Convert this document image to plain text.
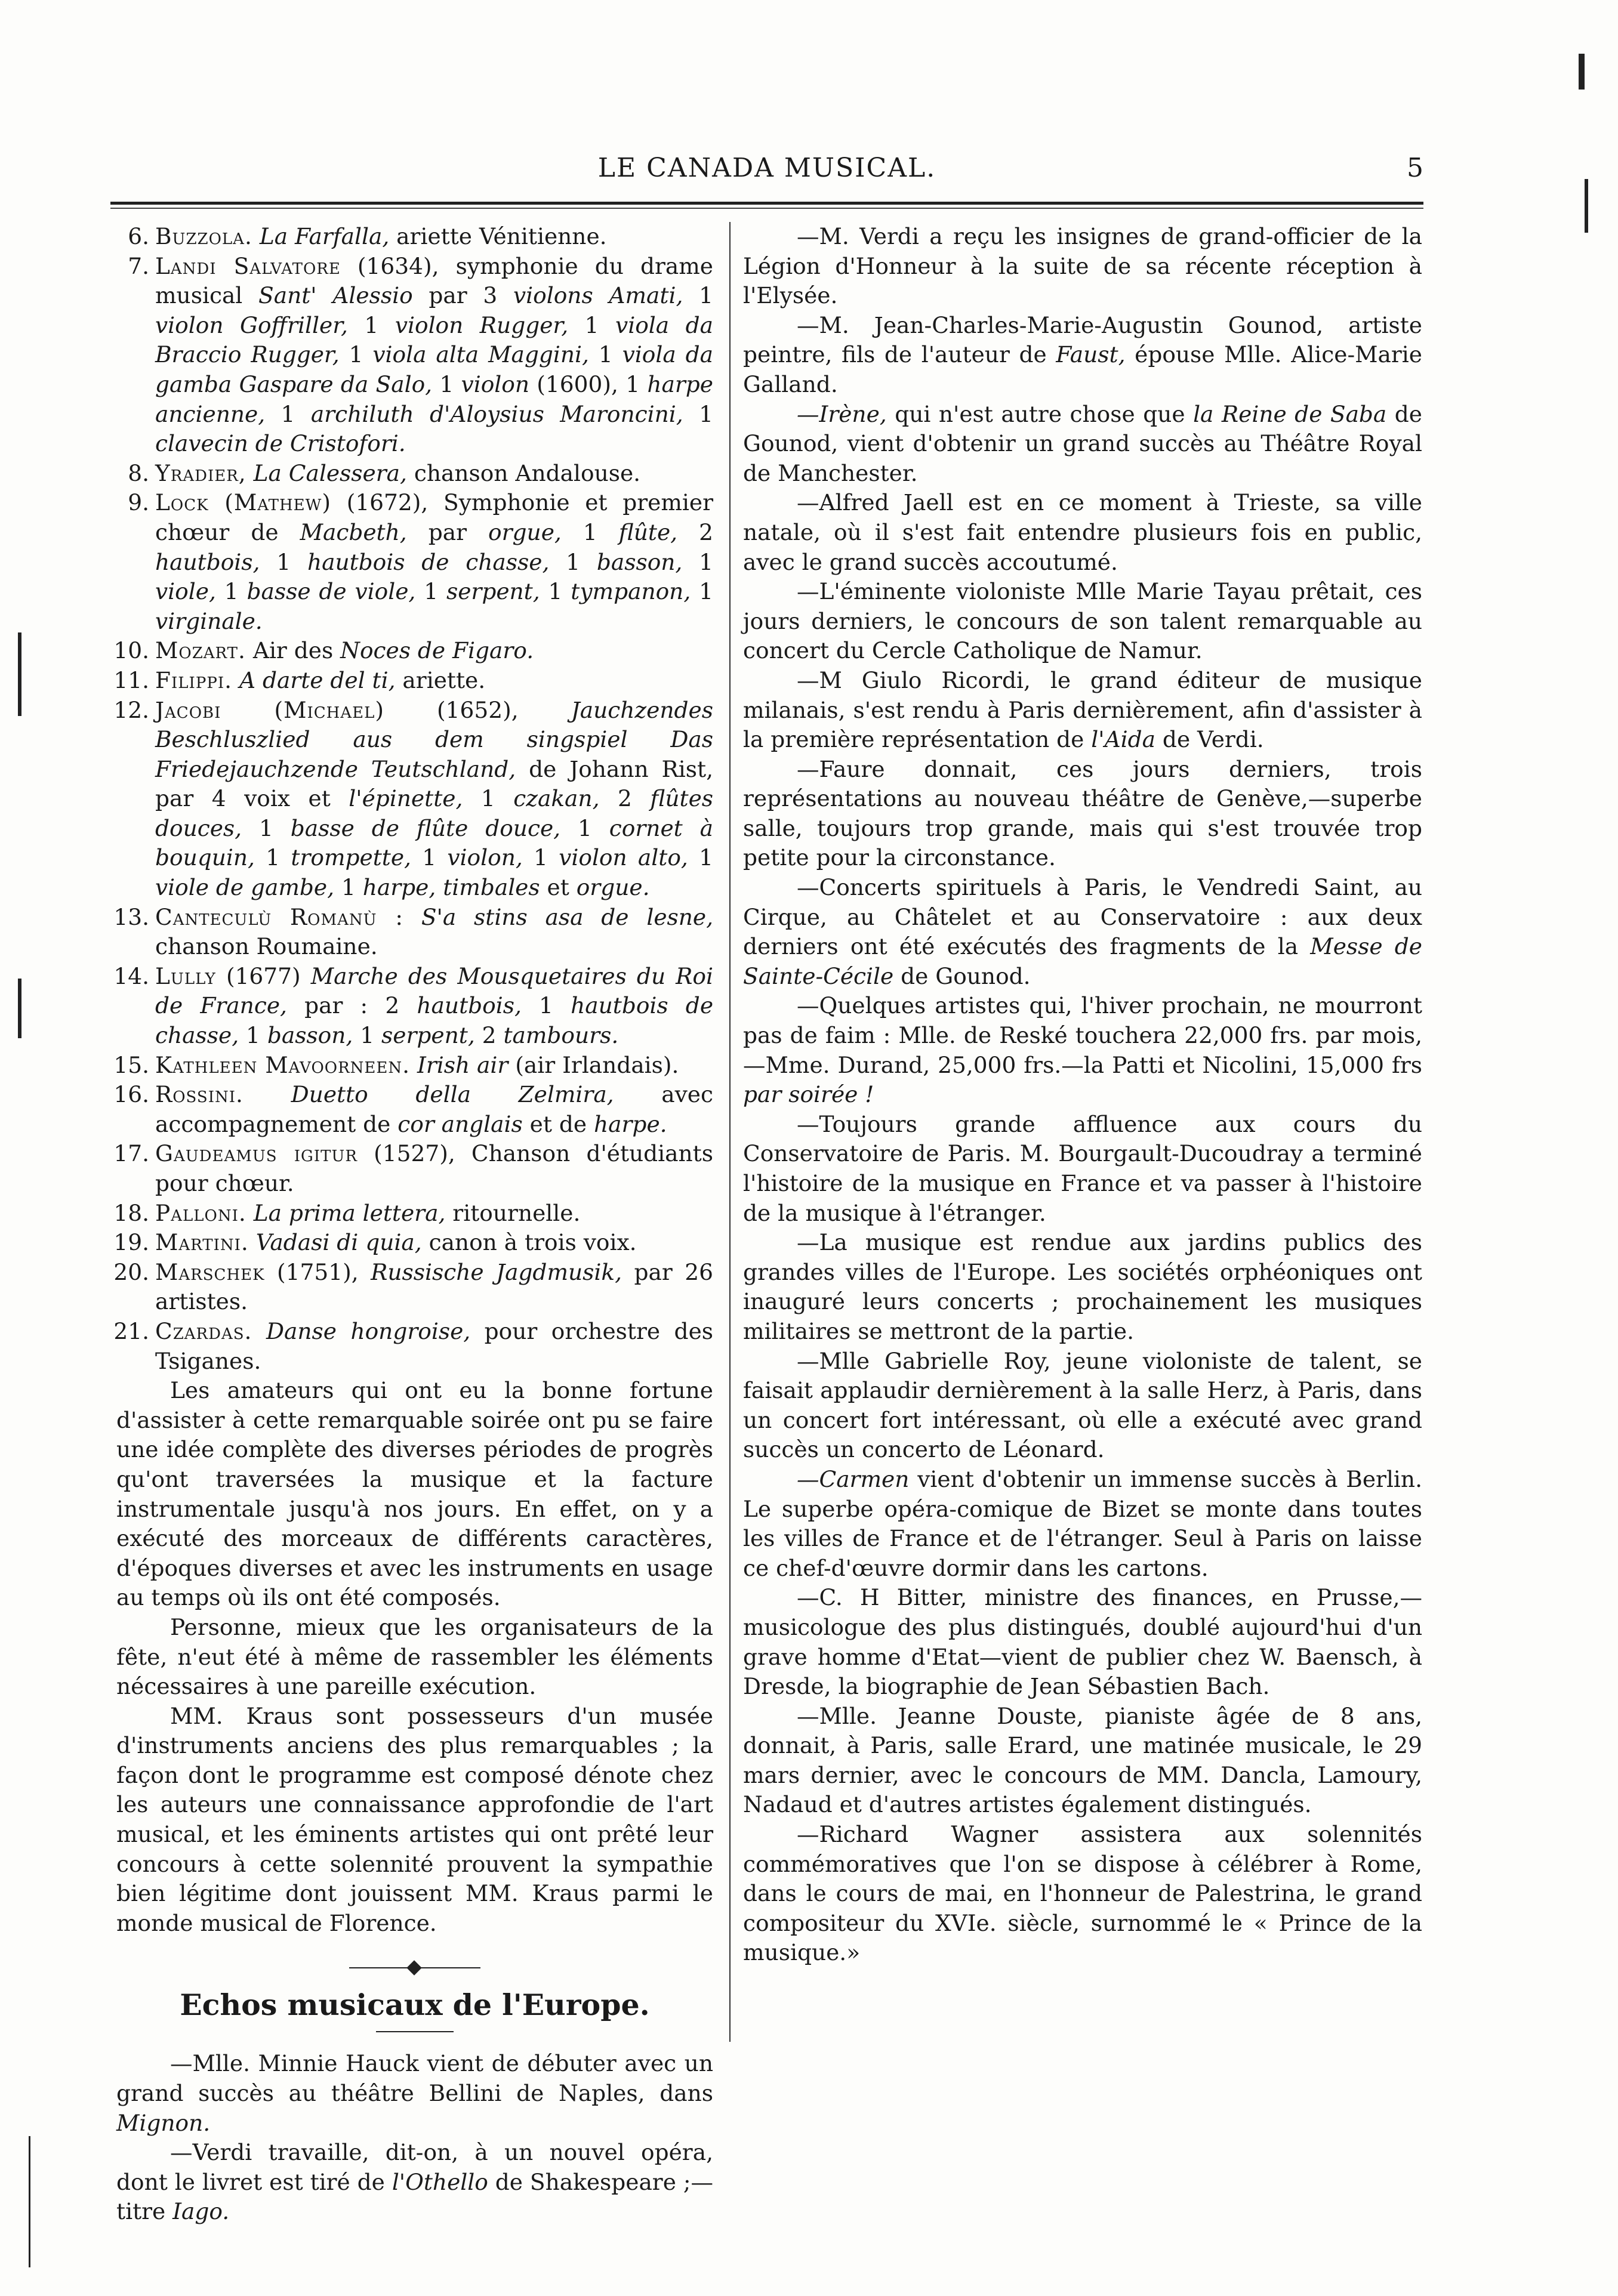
LE CANADA MUSICAL.	5
6. Buzzola. La Farfalla, ariette Vénitienne.
7. Landi Salvatore (1634), symphonie du drame musical Sant' Alessio par 3 violons Amati, 1 violon Goffriller, 1 violon Rugger, 1 viola da Braccio Rugger, 1 viola alta Maggini, 1 viola da gamba Gaspare da Salo, 1 violon (1600), 1 harpe ancienne, 1 archiluth d'Aloysius Maroncini, 1 clavecin de Cristofori.
8. Yradier, La Calessera, chanson Andalouse.
9. Lock (Mathew) (1672), Symphonie et premier chœur de Macbeth, par orgue, 1 flûte, 2 hautbois, 1 hautbois de chasse, 1 basson, 1 viole, 1 basse de viole, 1 serpent, 1 tympanon, 1 virginale.
10. Mozart. Air des Noces de Figaro.
11. Filippi. A darte del ti, ariette.
12. Jacobi (Michael) (1652), Jauchzendes Beschluszlied aus dem singspiel Das Friedejauchzende Teutschland, de Johann Rist, par 4 voix et l'épinette, 1 czakan, 2 flûtes douces, 1 basse de flûte douce, 1 cornet à bouquin, 1 trompette, 1 violon, 1 violon alto, 1 viole de gambe, 1 harpe, timbales et orgue.
13. Canteculù Romanù : S'a stins asa de lesne, chanson Roumaine.
14. Lully (1677) Marche des Mousquetaires du Roi de France, par : 2 hautbois, 1 hautbois de chasse, 1 basson, 1 serpent, 2 tambours.
15. Kathleen Mavoorneen. Irish air (air Irlandais).
16. Rossini. Duetto della Zelmira, avec accompagnement de cor anglais et de harpe.
17. Gaudeamus igitur (1527), Chanson d'étudiants pour chœur.
18. Palloni. La prima lettera, ritournelle.
19. Martini. Vadasi di quia, canon à trois voix.
20. Marschek (1751), Russische Jagdmusik, par 26 artistes.
21. Czardas. Danse hongroise, pour orchestre des Tsiganes.

Les amateurs qui ont eu la bonne fortune d'assister à cette remarquable soirée ont pu se faire une idée complète des diverses périodes de progrès qu'ont traversées la musique et la facture instrumentale jusqu'à nos jours. En effet, on y a exécuté des morceaux de différents caractères, d'époques diverses et avec les instruments en usage au temps où ils ont été composés.

Personne, mieux que les organisateurs de la fête, n'eut été à même de rassembler les éléments nécessaires à une pareille exécution.

MM. Kraus sont possesseurs d'un musée d'instruments anciens des plus remarquables ; la façon dont le programme est composé dénote chez les auteurs une connaissance approfondie de l'art musical, et les éminents artistes qui ont prêté leur concours à cette solennité prouvent la sympathie bien légitime dont jouissent MM. Kraus parmi le monde musical de Florence.

Echos musicaux de l'Europe.

—Mlle. Minnie Hauck vient de débuter avec un grand succès au théâtre Bellini de Naples, dans Mignon.

—Verdi travaille, dit-on, à un nouvel opéra, dont le livret est tiré de l'Othello de Shakespeare ;—titre Iago.

—M. Verdi a reçu les insignes de grand-officier de la Légion d'Honneur à la suite de sa récente réception à l'Elysée.

—M. Jean-Charles-Marie-Augustin Gounod, artiste peintre, fils de l'auteur de Faust, épouse Mlle. Alice-Marie Galland.

—Irène, qui n'est autre chose que la Reine de Saba de Gounod, vient d'obtenir un grand succès au Théâtre Royal de Manchester.

—Alfred Jaell est en ce moment à Trieste, sa ville natale, où il s'est fait entendre plusieurs fois en public, avec le grand succès accoutumé.

—L'éminente violoniste Mlle Marie Tayau prêtait, ces jours derniers, le concours de son talent remarquable au concert du Cercle Catholique de Namur.

—M Giulo Ricordi, le grand éditeur de musique milanais, s'est rendu à Paris dernièrement, afin d'assister à la première représentation de l'Aida de Verdi.

—Faure donnait, ces jours derniers, trois représentations au nouveau théâtre de Genève,—superbe salle, toujours trop grande, mais qui s'est trouvée trop petite pour la circonstance.

—Concerts spirituels à Paris, le Vendredi Saint, au Cirque, au Châtelet et au Conservatoire : aux deux derniers ont été exécutés des fragments de la Messe de Sainte-Cécile de Gounod.

—Quelques artistes qui, l'hiver prochain, ne mourront pas de faim : Mlle. de Reské touchera 22,000 frs. par mois,—Mme. Durand, 25,000 frs.—la Patti et Nicolini, 15,000 frs par soirée !

—Toujours grande affluence aux cours du Conservatoire de Paris. M. Bourgault-Ducoudray a terminé l'histoire de la musique en France et va passer à l'histoire de la musique à l'étranger.

—La musique est rendue aux jardins publics des grandes villes de l'Europe. Les sociétés orphéoniques ont inauguré leurs concerts ; prochainement les musiques militaires se mettront de la partie.

—Mlle Gabrielle Roy, jeune violoniste de talent, se faisait applaudir dernièrement à la salle Herz, à Paris, dans un concert fort intéressant, où elle a exécuté avec grand succès un concerto de Léonard.

—Carmen vient d'obtenir un immense succès à Berlin. Le superbe opéra-comique de Bizet se monte dans toutes les villes de France et de l'étranger. Seul à Paris on laisse ce chef-d'œuvre dormir dans les cartons.

—C. H Bitter, ministre des finances, en Prusse,—musicologue des plus distingués, doublé aujourd'hui d'un grave homme d'Etat—vient de publier chez W. Baensch, à Dresde, la biographie de Jean Sébastien Bach.

—Mlle. Jeanne Douste, pianiste âgée de 8 ans, donnait, à Paris, salle Erard, une matinée musicale, le 29 mars dernier, avec le concours de MM. Dancla, Lamoury, Nadaud et d'autres artistes également distingués.

—Richard Wagner assistera aux solennités commémoratives que l'on se dispose à célébrer à Rome, dans le cours de mai, en l'honneur de Palestrina, le grand compositeur du XVIe. siècle, surnommé le « Prince de la musique.»
